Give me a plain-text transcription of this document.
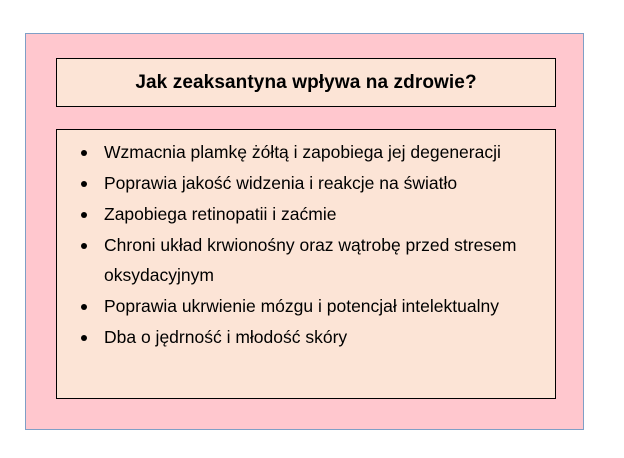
Jak zeaksantyna wpływa na zdrowie?
Wzmacnia plamkę żółtą i zapobiega jej degeneracji
Poprawia jakość widzenia i reakcje na światło
Zapobiega retinopatii i zaćmie
Chroni układ krwionośny oraz wątrobę przed stresem oksydacyjnym
Poprawia ukrwienie mózgu i potencjał intelektualny
Dba o jędrność i młodość skóry
